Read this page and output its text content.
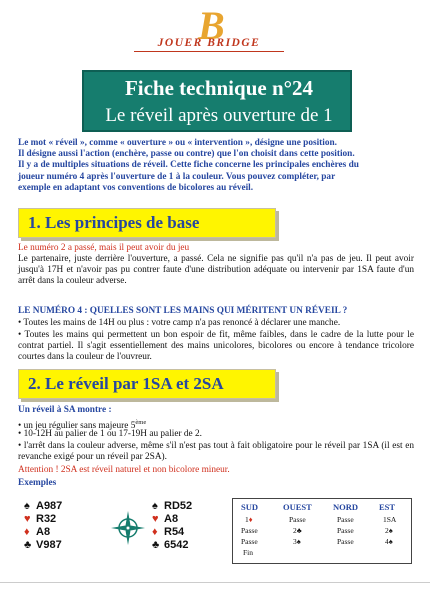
B
JOUER BRIDGE
Fiche technique n°24
Le réveil après ouverture de 1
Le mot « réveil », comme « ouverture » ou « intervention », désigne une position.
Il désigne aussi l'action (enchère, passe ou contre) que l'on choisit dans cette position.
Il y a de multiples situations de réveil. Cette fiche concerne les principales enchères du
joueur numéro 4 après l'ouverture de 1 à la couleur. Vous pouvez compléter, par
exemple en adaptant vos conventions de bicolores au réveil.
1. Les principes de base
Le numéro 2 a passé, mais il peut avoir du jeu
Le partenaire, juste derrière l'ouverture, a passé. Cela ne signifie pas qu'il n'a pas de jeu. Il peut avoir jusqu'à 17H et n'avoir pas pu contrer faute d'une distribution adéquate ou intervenir par 1SA faute d'un arrêt dans la couleur adverse.
LE NUMÉRO 4 : QUELLES SONT LES MAINS QUI MÉRITENT UN RÉVEIL ?
• Toutes les mains de 14H ou plus : votre camp n'a pas renoncé à déclarer une manche.
• Toutes les mains qui permettent un bon espoir de fit, même faibles, dans le cadre de la lutte pour le contrat partiel. Il s'agit essentiellement des mains unicolores, bicolores ou encore à tendance tricolore courtes dans la couleur de l'ouvreur.
2. Le réveil par 1SA et 2SA
Un réveil à SA montre :
• un jeu régulier sans majeure 5ème
• 10-12H au palier de 1 ou 17-19H au palier de 2.
• l'arrêt dans la couleur adverse, même s'il n'est pas tout à fait obligatoire pour le réveil par 1SA (il est en revanche exigé pour un réveil par 2SA).
Attention ! 2SA est réveil naturel et non bicolore mineur.
Exemples
♠ A987
♥ R32
♦ A8
♣ V987
♠ RD52
♥ A8
♦ R54
♣ 6542
SUD	OUEST NORD EST
1♦	Passe	Passe	1SA
Passe	2♣	Passe	2♠
Passe	3♠	Passe	4♠
Fin
